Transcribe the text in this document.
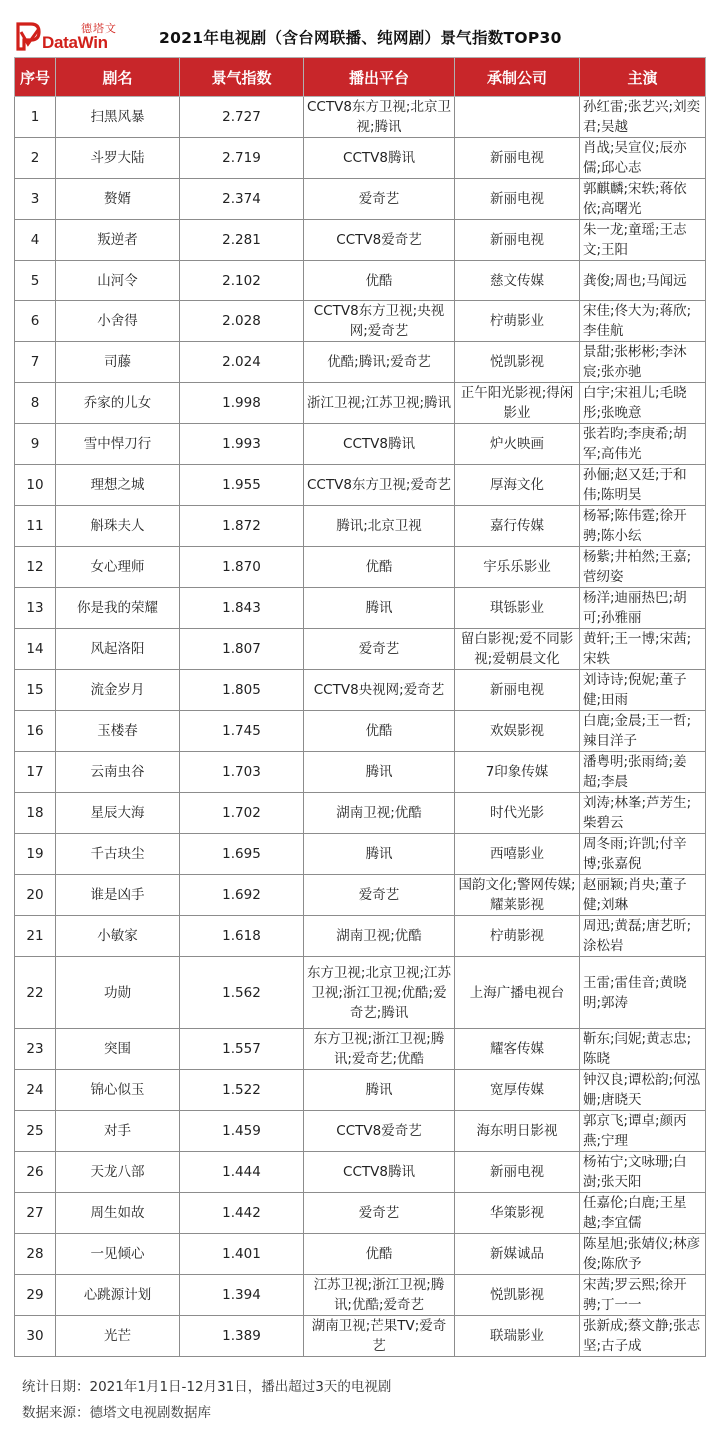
德塔文
DataWin	2021年电视剧（含台网联播、纯网剧）景气指数TOP30
序号	剧名	景气指数	播出平台	承制公司	主演
1	扫黑风暴	2.727	CCTV8东方卫视;北京卫视;腾讯		孙红雷;张艺兴;刘奕君;吴越
2	斗罗大陆	2.719	CCTV8腾讯	新丽电视	肖战;吴宣仪;辰亦儒;邱心志
3	赘婿	2.374	爱奇艺	新丽电视	郭麒麟;宋轶;蒋依依;高曙光
4	叛逆者	2.281	CCTV8爱奇艺	新丽电视	朱一龙;童瑶;王志文;王阳
5	山河令	2.102	优酷	慈文传媒	龚俊;周也;马闻远
6	小舍得	2.028	CCTV8东方卫视;央视网;爱奇艺	柠萌影业	宋佳;佟大为;蒋欣;李佳航
7	司藤	2.024	优酷;腾讯;爱奇艺	悦凯影视	景甜;张彬彬;李沐宸;张亦驰
8	乔家的儿女	1.998	浙江卫视;江苏卫视;腾讯	正午阳光影视;得闲影业	白宇;宋祖儿;毛晓彤;张晚意
9	雪中悍刀行	1.993	CCTV8腾讯	炉火映画	张若昀;李庚希;胡军;高伟光
10	理想之城	1.955	CCTV8东方卫视;爱奇艺	厚海文化	孙俪;赵又廷;于和伟;陈明昊
11	斛珠夫人	1.872	腾讯;北京卫视	嘉行传媒	杨幂;陈伟霆;徐开骋;陈小纭
12	女心理师	1.870	优酷	宇乐乐影业	杨紫;井柏然;王嘉;菅纫姿
13	你是我的荣耀	1.843	腾讯	琪铄影业	杨洋;迪丽热巴;胡可;孙雅丽
14	风起洛阳	1.807	爱奇艺	留白影视;爱不同影视;爱朝晨文化	黄轩;王一博;宋茜;宋轶
15	流金岁月	1.805	CCTV8央视网;爱奇艺	新丽电视	刘诗诗;倪妮;董子健;田雨
16	玉楼春	1.745	优酷	欢娱影视	白鹿;金晨;王一哲;辣目洋子
17	云南虫谷	1.703	腾讯	7印象传媒	潘粤明;张雨绮;姜超;李晨
18	星辰大海	1.702	湖南卫视;优酷	时代光影	刘涛;林峯;芦芳生;柴碧云
19	千古玦尘	1.695	腾讯	西嘻影业	周冬雨;许凯;付辛博;张嘉倪
20	谁是凶手	1.692	爱奇艺	国韵文化;警网传媒;耀莱影视	赵丽颖;肖央;董子健;刘琳
21	小敏家	1.618	湖南卫视;优酷	柠萌影视	周迅;黄磊;唐艺昕;涂松岩
22	功勋	1.562	东方卫视;北京卫视;江苏卫视;浙江卫视;优酷;爱奇艺;腾讯	上海广播电视台	王雷;雷佳音;黄晓明;郭涛
23	突围	1.557	东方卫视;浙江卫视;腾讯;爱奇艺;优酷	耀客传媒	靳东;闫妮;黄志忠;陈晓
24	锦心似玉	1.522	腾讯	宽厚传媒	钟汉良;谭松韵;何泓姗;唐晓天
25	对手	1.459	CCTV8爱奇艺	海东明日影视	郭京飞;谭卓;颜丙燕;宁理
26	天龙八部	1.444	CCTV8腾讯	新丽电视	杨祐宁;文咏珊;白澍;张天阳
27	周生如故	1.442	爱奇艺	华策影视	任嘉伦;白鹿;王星越;李宜儒
28	一见倾心	1.401	优酷	新媒诚品	陈星旭;张婧仪;林彦俊;陈欣予
29	心跳源计划	1.394	江苏卫视;浙江卫视;腾讯;优酷;爱奇艺	悦凯影视	宋茜;罗云熙;徐开骋;丁一一
30	光芒	1.389	湖南卫视;芒果TV;爱奇艺	联瑞影业	张新成;蔡文静;张志坚;古子成
统计日期：2021年1月1日-12月31日，播出超过3天的电视剧
数据来源：德塔文电视剧数据库
